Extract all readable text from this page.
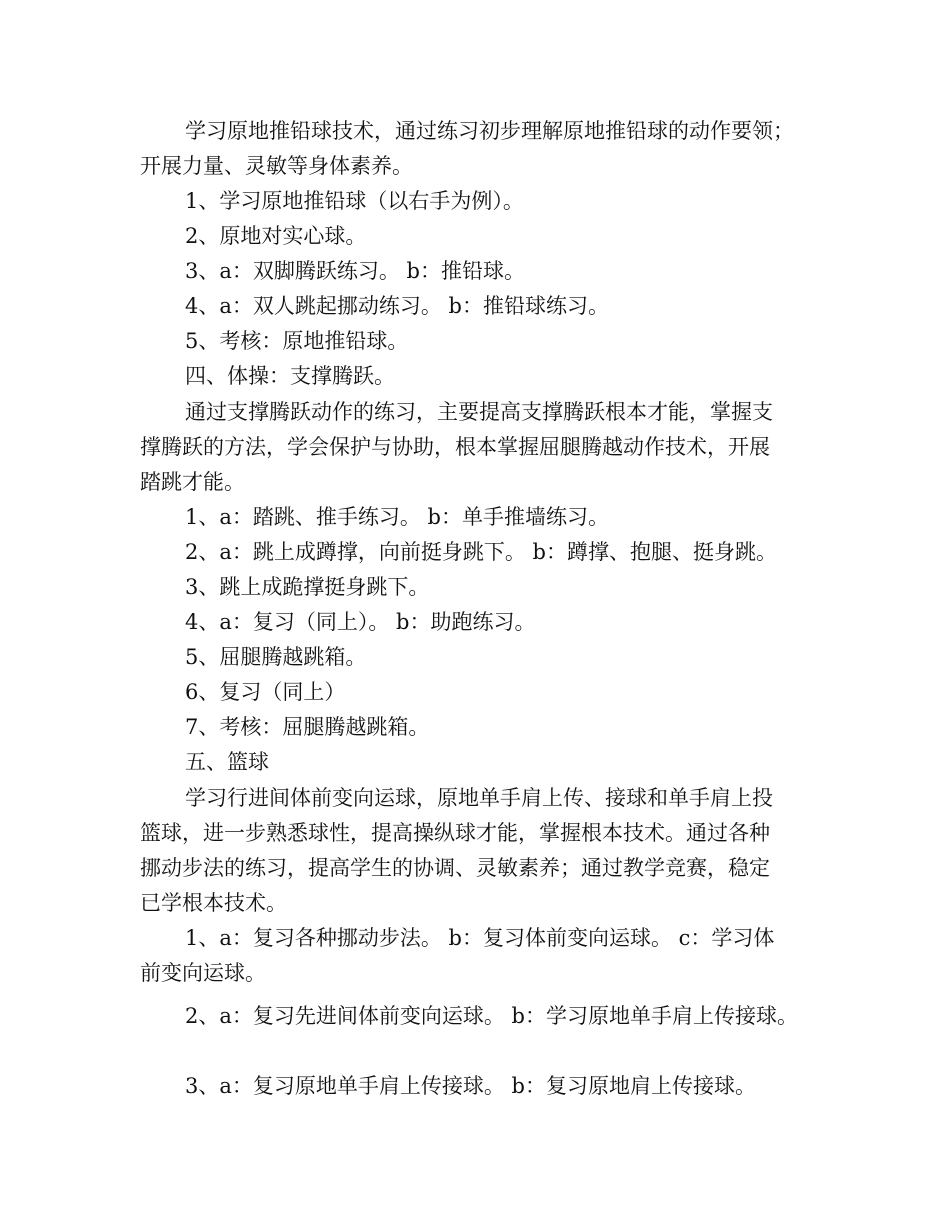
学习原地推铅球技术，通过练习初步理解原地推铅球的动作要领；
开展力量、灵敏等身体素养。
1、学习原地推铅球（以右手为例）。
2、原地对实心球。
3、a：双脚腾跃练习。 b：推铅球。
4、a：双人跳起挪动练习。 b：推铅球练习。
5、考核：原地推铅球。
四、体操：支撑腾跃。
通过支撑腾跃动作的练习，主要提高支撑腾跃根本才能，掌握支
撑腾跃的方法，学会保护与协助，根本掌握屈腿腾越动作技术，开展
踏跳才能。
1、a：踏跳、推手练习。 b：单手推墙练习。
2、a：跳上成蹲撑，向前挺身跳下。 b：蹲撑、抱腿、挺身跳。
3、跳上成跪撑挺身跳下。
4、a：复习（同上）。 b：助跑练习。
5、屈腿腾越跳箱。
6、复习（同上）
7、考核：屈腿腾越跳箱。
五、篮球
学习行进间体前变向运球，原地单手肩上传、接球和单手肩上投
篮球，进一步熟悉球性，提高操纵球才能，掌握根本技术。通过各种
挪动步法的练习，提高学生的协调、灵敏素养；通过教学竞赛，稳定
已学根本技术。
1、a：复习各种挪动步法。 b：复习体前变向运球。 c：学习体
前变向运球。
2、a：复习先进间体前变向运球。 b：学习原地单手肩上传接球。
3、a：复习原地单手肩上传接球。 b：复习原地肩上传接球。
